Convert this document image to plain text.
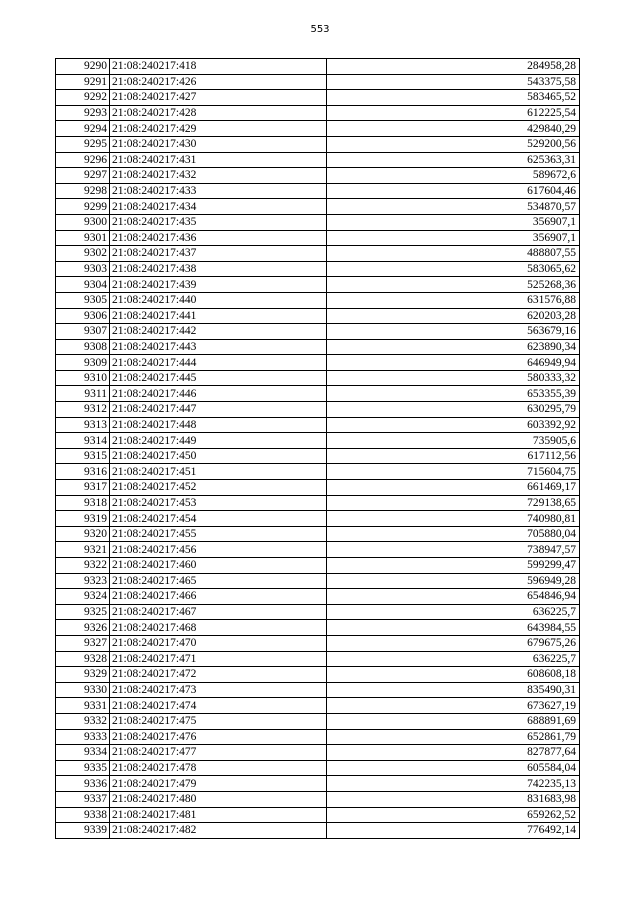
553
9290	21:08:240217:418	284958,28
9291	21:08:240217:426	543375,58
9292	21:08:240217:427	583465,52
9293	21:08:240217:428	612225,54
9294	21:08:240217:429	429840,29
9295	21:08:240217:430	529200,56
9296	21:08:240217:431	625363,31
9297	21:08:240217:432	589672,6
9298	21:08:240217:433	617604,46
9299	21:08:240217:434	534870,57
9300	21:08:240217:435	356907,1
9301	21:08:240217:436	356907,1
9302	21:08:240217:437	488807,55
9303	21:08:240217:438	583065,62
9304	21:08:240217:439	525268,36
9305	21:08:240217:440	631576,88
9306	21:08:240217:441	620203,28
9307	21:08:240217:442	563679,16
9308	21:08:240217:443	623890,34
9309	21:08:240217:444	646949,94
9310	21:08:240217:445	580333,32
9311	21:08:240217:446	653355,39
9312	21:08:240217:447	630295,79
9313	21:08:240217:448	603392,92
9314	21:08:240217:449	735905,6
9315	21:08:240217:450	617112,56
9316	21:08:240217:451	715604,75
9317	21:08:240217:452	661469,17
9318	21:08:240217:453	729138,65
9319	21:08:240217:454	740980,81
9320	21:08:240217:455	705880,04
9321	21:08:240217:456	738947,57
9322	21:08:240217:460	599299,47
9323	21:08:240217:465	596949,28
9324	21:08:240217:466	654846,94
9325	21:08:240217:467	636225,7
9326	21:08:240217:468	643984,55
9327	21:08:240217:470	679675,26
9328	21:08:240217:471	636225,7
9329	21:08:240217:472	608608,18
9330	21:08:240217:473	835490,31
9331	21:08:240217:474	673627,19
9332	21:08:240217:475	688891,69
9333	21:08:240217:476	652861,79
9334	21:08:240217:477	827877,64
9335	21:08:240217:478	605584,04
9336	21:08:240217:479	742235,13
9337	21:08:240217:480	831683,98
9338	21:08:240217:481	659262,52
9339	21:08:240217:482	776492,14
